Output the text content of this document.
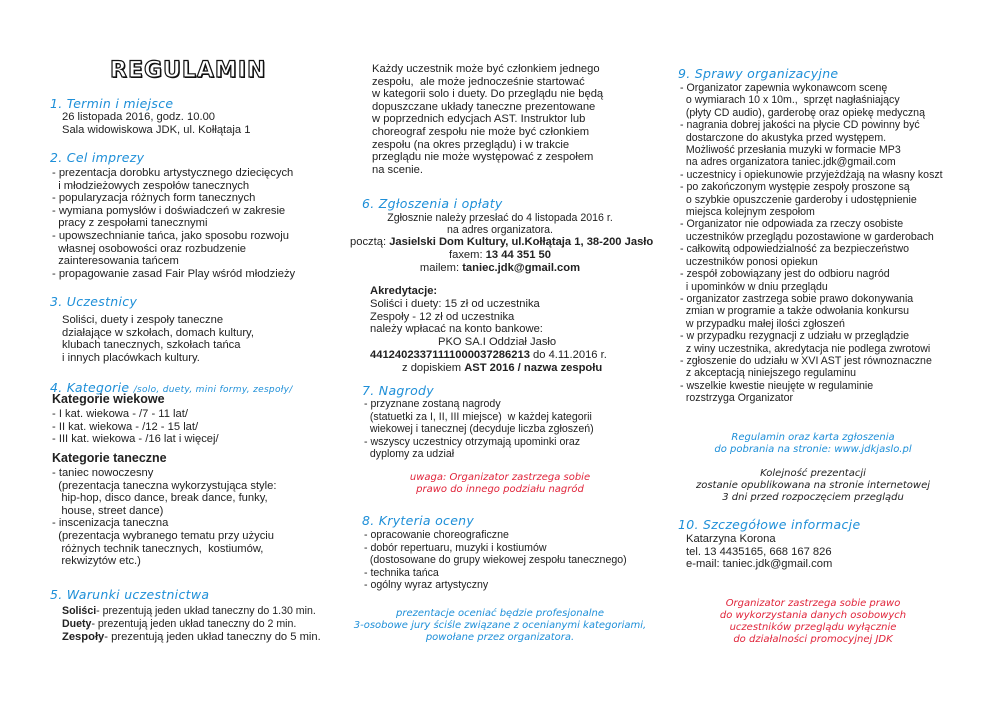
REGULAMIN
1. Termin i miejsce
26 listopada 2016, godz. 10.00
Sala widowiskowa JDK, ul. Kołłątaja 1
2. Cel imprezy
- prezentacja dorobku artystycznego dziecięcych
i młodzieżowych zespołów tanecznych
- popularyzacja różnych form tanecznych
- wymiana pomysłów i doświadczeń w zakresie
pracy z zespołami tanecznymi
- upowszechnianie tańca, jako sposobu rozwoju
własnej osobowości oraz rozbudzenie
zainteresowania tańcem
- propagowanie zasad Fair Play wśród młodzieży
3. Uczestnicy
Soliści, duety i zespoły taneczne
działające w szkołach, domach kultury,
klubach tanecznych, szkołach tańca
i innych placówkach kultury.
4. Kategorie /solo, duety, mini formy, zespoły/
Kategorie wiekowe
- I kat. wiekowa - /7 - 11 lat/
- II kat. wiekowa - /12 - 15 lat/
- III kat. wiekowa - /16 lat i więcej/
Kategorie taneczne
- taniec nowoczesny
(prezentacja taneczna wykorzystująca style:
hip-hop, disco dance, break dance, funky,
house, street dance)
- inscenizacja taneczna
(prezentacja wybranego tematu przy użyciu
różnych technik tanecznych,  kostiumów,
rekwizytów etc.)
5. Warunki uczestnictwa
Soliści- prezentują jeden układ taneczny do 1.30 min.
Duety- prezentują jeden układ taneczny do 2 min.
Zespoły- prezentują jeden układ taneczny do 5 min.
Każdy uczestnik może być członkiem jednego
zespołu,  ale może jednocześnie startować
w kategorii solo i duety. Do przeglądu nie będą
dopuszczane układy taneczne prezentowane
w poprzednich edycjach AST. Instruktor lub
choreograf zespołu nie może być członkiem
zespołu (na okres przeglądu) i w trakcie
przeglądu nie może występować z zespołem
na scenie.
6. Zgłoszenia i opłaty
Zgłosznie należy przesłać do 4 listopada 2016 r.
na adres organizatora.
pocztą: Jasielski Dom Kultury, ul.Kołłątaja 1, 38-200 Jasło
faxem: 13 44 351 50
mailem: taniec.jdk@gmail.com
Akredytacje:
Soliści i duety: 15 zł od uczestnika
Zespoły - 12 zł od uczestnika
należy wpłacać na konto bankowe:
PKO SA.I Oddział Jasło
44124023371111000037286213 do 4.11.2016 r.
z dopiskiem AST 2016 / nazwa zespołu
7. Nagrody
- przyznane zostaną nagrody
(statuetki za I, II, III miejsce)  w każdej kategorii
wiekowej i tanecznej (decyduje liczba zgłoszeń)
- wszyscy uczestnicy otrzymają upominki oraz
dyplomy za udział
uwaga: Organizator zastrzega sobie
prawo do innego podziału nagród
8. Kryteria oceny
- opracowanie choreograficzne
- dobór repertuaru, muzyki i kostiumów
(dostosowane do grupy wiekowej zespołu tanecznego)
- technika tańca
- ogólny wyraz artystyczny
prezentacje oceniać będzie profesjonalne
3-osobowe jury ściśle związane z ocenianymi kategoriami,
powołane przez organizatora.
9. Sprawy organizacyjne
- Organizator zapewnia wykonawcom scenę
o wymiarach 10 x 10m.,  sprzęt nagłaśniający
(płyty CD audio), garderobę oraz opiekę medyczną
- nagrania dobrej jakości na płycie CD powinny być
dostarczone do akustyka przed występem.
Możliwość przesłania muzyki w formacie MP3
na adres organizatora taniec.jdk@gmail.com
- uczestnicy i opiekunowie przyjeżdżają na własny koszt
- po zakończonym występie zespoły proszone są
o szybkie opuszczenie garderoby i udostępnienie
miejsca kolejnym zespołom
- Organizator nie odpowiada za rzeczy osobiste
uczestników przeglądu pozostawione w garderobach
- całkowitą odpowiedzialność za bezpieczeństwo
uczestników ponosi opiekun
- zespół zobowiązany jest do odbioru nagród
i upominków w dniu przeglądu
- organizator zastrzega sobie prawo dokonywania
zmian w programie a także odwołania konkursu
w przypadku małej ilości zgłoszeń
- w przypadku rezygnacji z udziału w przeglądzie
z winy uczestnika, akredytacja nie podlega zwrotowi
- zgłoszenie do udziału w XVI AST jest równoznaczne
z akceptacją niniejszego regulaminu
- wszelkie kwestie nieujęte w regulaminie
rozstrzyga Organizator
Regulamin oraz karta zgłoszenia
do pobrania na stronie: www.jdkjaslo.pl
Kolejność prezentacji
zostanie opublikowana na stronie internetowej
3 dni przed rozpoczęciem przeglądu
10. Szczegółowe informacje
Katarzyna Korona
tel. 13 4435165, 668 167 826
e-mail: taniec.jdk@gmail.com
Organizator zastrzega sobie prawo
do wykorzystania danych osobowych
uczestników przeglądu wyłącznie
do działalności promocyjnej JDK
